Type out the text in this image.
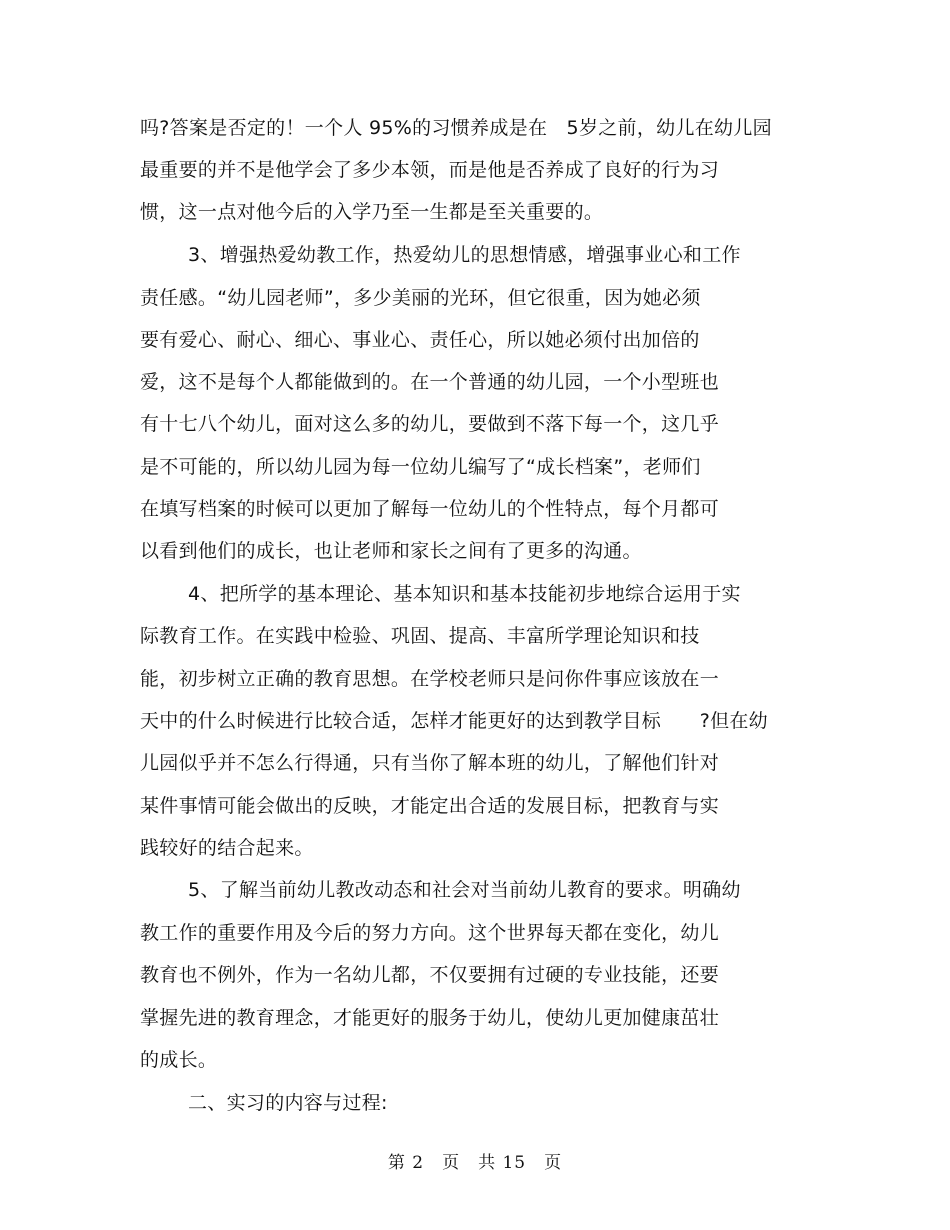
吗?答案是否定的！一个人 95%的习惯养成是在　5岁之前，幼儿在幼儿园
最重要的并不是他学会了多少本领，而是他是否养成了良好的行为习
惯，这一点对他今后的入学乃至一生都是至关重要的。
3、增强热爱幼教工作，热爱幼儿的思想情感，增强事业心和工作
责任感。“幼儿园老师”，多少美丽的光环，但它很重，因为她必须
要有爱心、耐心、细心、事业心、责任心，所以她必须付出加倍的
爱，这不是每个人都能做到的。在一个普通的幼儿园，一个小型班也
有十七八个幼儿，面对这么多的幼儿，要做到不落下每一个，这几乎
是不可能的，所以幼儿园为每一位幼儿编写了“成长档案”，老师们
在填写档案的时候可以更加了解每一位幼儿的个性特点，每个月都可
以看到他们的成长，也让老师和家长之间有了更多的沟通。
4、把所学的基本理论、基本知识和基本技能初步地综合运用于实
际教育工作。在实践中检验、巩固、提高、丰富所学理论知识和技
能，初步树立正确的教育思想。在学校老师只是问你件事应该放在一
天中的什么时候进行比较合适，怎样才能更好的达到教学目标　　?但在幼
儿园似乎并不怎么行得通，只有当你了解本班的幼儿，了解他们针对
某件事情可能会做出的反映，才能定出合适的发展目标，把教育与实
践较好的结合起来。
5、了解当前幼儿教改动态和社会对当前幼儿教育的要求。明确幼
教工作的重要作用及今后的努力方向。这个世界每天都在变化，幼儿
教育也不例外，作为一名幼儿都，不仅要拥有过硬的专业技能，还要
掌握先进的教育理念，才能更好的服务于幼儿，使幼儿更加健康茁壮
的成长。
二、实习的内容与过程:
第 2　页　共 15　页
